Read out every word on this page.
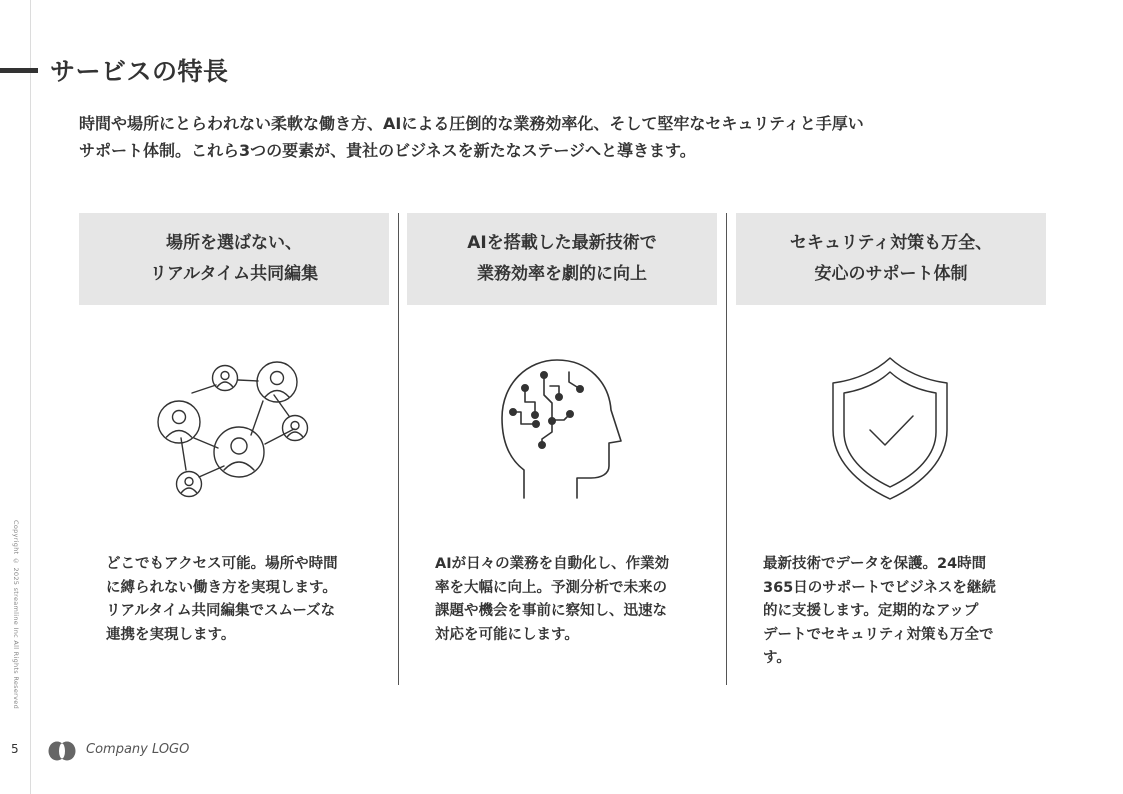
サービスの特長

時間や場所にとらわれない柔軟な働き方、AIによる圧倒的な業務効率化、そして堅牢なセキュリティと手厚い
サポート体制。これら3つの要素が、貴社のビジネスを新たなステージへと導きます。

場所を選ばない、
リアルタイム共同編集

どこでもアクセス可能。場所や時間
に縛られない働き方を実現します。
リアルタイム共同編集でスムーズな
連携を実現します。

AIを搭載した最新技術で
業務効率を劇的に向上

AIが日々の業務を自動化し、作業効
率を大幅に向上。予測分析で未来の
課題や機会を事前に察知し、迅速な
対応を可能にします。

セキュリティ対策も万全、
安心のサポート体制

最新技術でデータを保護。24時間
365日のサポートでビジネスを継続
的に支援します。定期的なアップ
デートでセキュリティ対策も万全で
す。

Copyright © 2025 streamline Inc All Rights Reserved
5	Company LOGO
